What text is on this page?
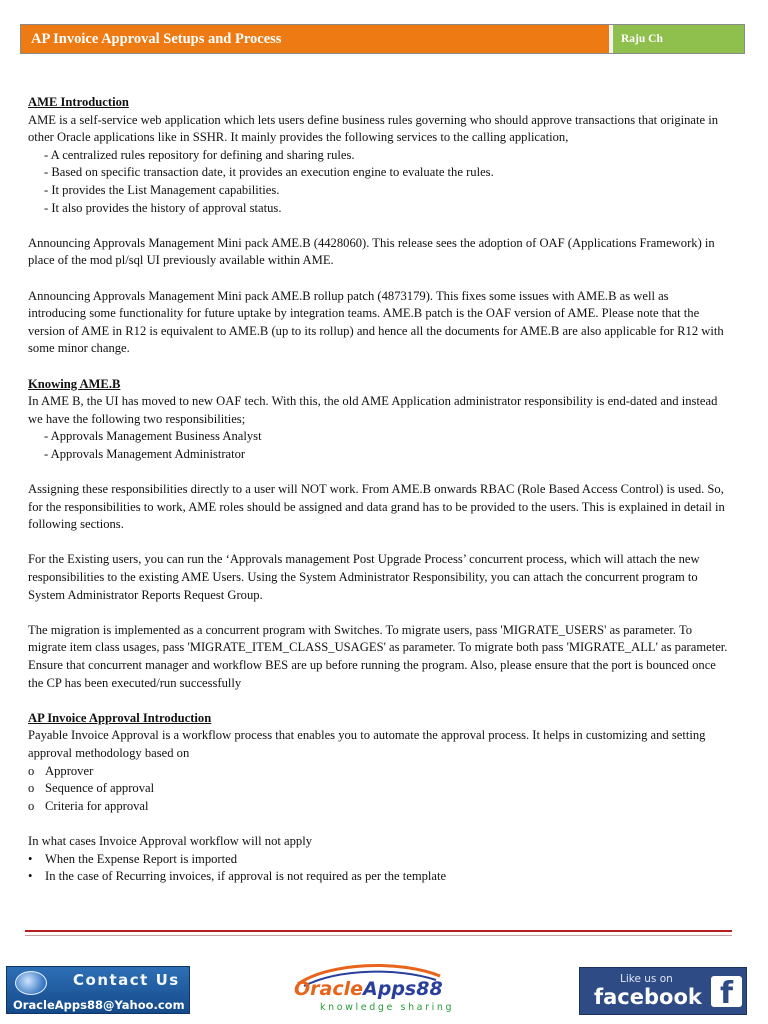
AP Invoice Approval Setups and Process	Raju Ch

AME Introduction

AME is a self-service web application which lets users define business rules governing who should approve transactions that originate in other Oracle applications like in SSHR. It mainly provides the following services to the calling application,

- A centralized rules repository for defining and sharing rules.

- Based on specific transaction date, it provides an execution engine to evaluate the rules.

- It provides the List Management capabilities.

- It also provides the history of approval status.

Announcing Approvals Management Mini pack AME.B (4428060). This release sees the adoption of OAF (Applications Framework) in place of the mod pl/sql UI previously available within AME.

Announcing Approvals Management Mini pack AME.B rollup patch (4873179). This fixes some issues with AME.B as well as introducing some functionality for future uptake by integration teams. AME.B patch is the OAF version of AME. Please note that the version of AME in R12 is equivalent to AME.B (up to its rollup) and hence all the documents for AME.B are also applicable for R12 with some minor change.

Knowing AME.B

In AME B, the UI has moved to new OAF tech. With this, the old AME Application administrator responsibility is end-dated and instead we have the following two responsibilities;

- Approvals Management Business Analyst

- Approvals Management Administrator

Assigning these responsibilities directly to a user will NOT work. From AME.B onwards RBAC (Role Based Access Control) is used. So, for the responsibilities to work, AME roles should be assigned and data grand has to be provided to the users. This is explained in detail in following sections.

For the Existing users, you can run the ‘Approvals management Post Upgrade Process’ concurrent process, which will attach the new responsibilities to the existing AME Users. Using the System Administrator Responsibility, you can attach the concurrent program to System Administrator Reports Request Group.

The migration is implemented as a concurrent program with Switches. To migrate users, pass 'MIGRATE_USERS' as parameter. To migrate item class usages, pass 'MIGRATE_ITEM_CLASS_USAGES' as parameter. To migrate both pass 'MIGRATE_ALL' as parameter. Ensure that concurrent manager and workflow BES are up before running the program. Also, please ensure that the port is bounced once the CP has been executed/run successfully

AP Invoice Approval Introduction

Payable Invoice Approval is a workflow process that enables you to automate the approval process. It helps in customizing and setting approval methodology based on

o Approver
o Sequence of approval
o Criteria for approval

In what cases Invoice Approval workflow will not apply

• When the Expense Report is imported
• In the case of Recurring invoices, if approval is not required as per the template
Contact Us
OracleApps88@Yahoo.com
OracleApps88
knowledge sharing
Like us on
facebook f
